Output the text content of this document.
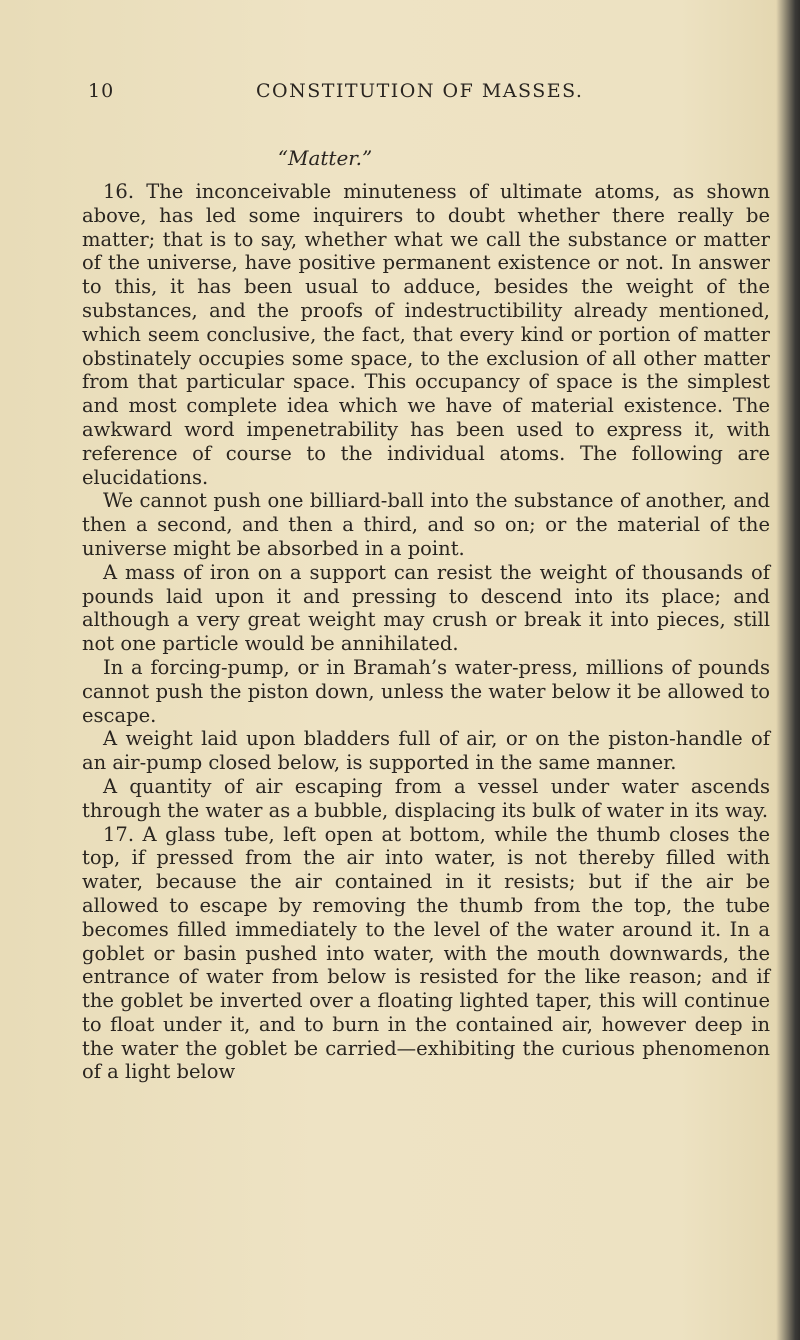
10	CONSTITUTION OF MASSES.
“Matter.”

16. The inconceivable minuteness of ultimate atoms, as shown above, has led some inquirers to doubt whether there really be matter; that is to say, whether what we call the substance or matter of the universe, have positive permanent existence or not. In answer to this, it has been usual to adduce, besides the weight of the substances, and the proofs of indestructibility already mentioned, which seem conclusive, the fact, that every kind or portion of matter obstinately occupies some space, to the exclusion of all other matter from that particular space. This occupancy of space is the simplest and most complete idea which we have of material existence. The awkward word impenetrability has been used to express it, with reference of course to the individual atoms. The following are elucidations.

We cannot push one billiard-ball into the substance of another, and then a second, and then a third, and so on; or the material of the universe might be absorbed in a point.

A mass of iron on a support can resist the weight of thousands of pounds laid upon it and pressing to descend into its place; and although a very great weight may crush or break it into pieces, still not one particle would be annihilated.

In a forcing-pump, or in Bramah’s water-press, millions of pounds cannot push the piston down, unless the water below it be allowed to escape.

A weight laid upon bladders full of air, or on the piston-handle of an air-pump closed below, is supported in the same manner.

A quantity of air escaping from a vessel under water ascends through the water as a bubble, displacing its bulk of water in its way.

17. A glass tube, left open at bottom, while the thumb closes the top, if pressed from the air into water, is not thereby filled with water, because the air contained in it resists; but if the air be allowed to escape by removing the thumb from the top, the tube becomes filled immediately to the level of the water around it. In a goblet or basin pushed into water, with the mouth downwards, the entrance of water from below is resisted for the like reason; and if the goblet be inverted over a floating lighted taper, this will continue to float under it, and to burn in the contained air, however deep in the water the goblet be carried—exhibiting the curious phenomenon of a light below
